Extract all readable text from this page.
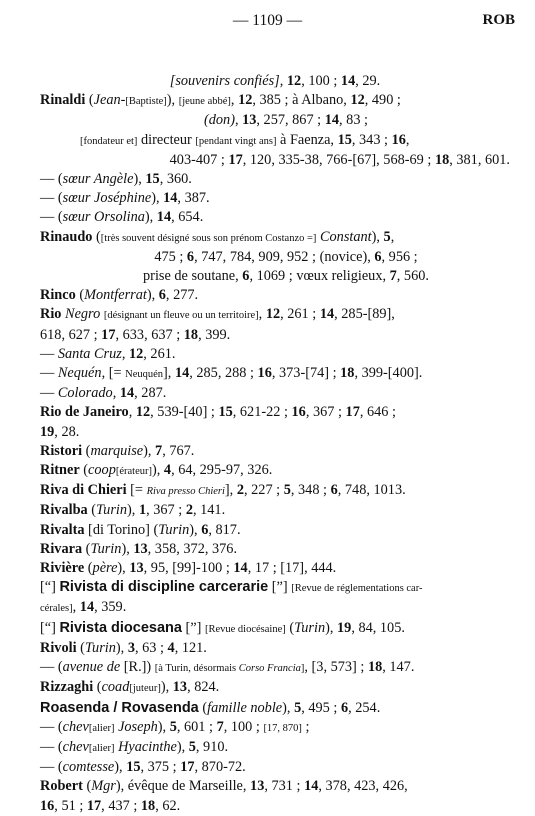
— 1109 —	ROB

[souvenirs confiés], 12, 100 ; 14, 29.

Rinaldi (Jean-[Baptiste]), [jeune abbé], 12, 385 ; à Albano, 12, 490 ;
(don), 13, 257, 867 ; 14, 83 ;

[fondateur et] directeur [pendant vingt ans] à Faenza, 15, 343 ; 16,
403-407 ; 17, 120, 335-38, 766-[67], 568-69 ; 18, 381, 601.

— (sœur Angèle), 15, 360.

— (sœur Joséphine), 14, 387.

— (sœur Orsolina), 14, 654.

Rinaudo ([très souvent désigné sous son prénom Costanzo =] Constant), 5,
475 ; 6, 747, 784, 909, 952 ; (novice), 6, 956 ;
prise de soutane, 6, 1069 ; vœux religieux, 7, 560.

Rinco (Montferrat), 6, 277.

Rio Negro [désignant un fleuve ou un territoire], 12, 261 ; 14, 285-[89],
618, 627 ; 17, 633, 637 ; 18, 399.

— Santa Cruz, 12, 261.

— Nequén, [= Neuquén], 14, 285, 288 ; 16, 373-[74] ; 18, 399-[400].

— Colorado, 14, 287.

Rio de Janeiro, 12, 539-[40] ; 15, 621-22 ; 16, 367 ; 17, 646 ;
19, 28.

Ristori (marquise), 7, 767.

Ritner (coop[érateur]), 4, 64, 295-97, 326.

Riva di Chieri [= Riva presso Chieri], 2, 227 ; 5, 348 ; 6, 748, 1013.

Rivalba (Turin), 1, 367 ; 2, 141.

Rivalta [di Torino] (Turin), 6, 817.

Rivara (Turin), 13, 358, 372, 376.

Rivière (père), 13, 95, [99]-100 ; 14, 17 ; [17], 444.

[“] Rivista di discipline carcerarie [”] [Revue de réglementations car-
cérales], 14, 359.

[“] Rivista diocesana [”] [Revue diocésaine] (Turin), 19, 84, 105.

Rivoli (Turin), 3, 63 ; 4, 121.

— (avenue de [R.]) [à Turin, désormais Corso Francia], [3, 573] ; 18, 147.

Rizzaghi (coad[juteur]), 13, 824.

Roasenda / Rovasenda (famille noble), 5, 495 ; 6, 254.

— (chev[alier] Joseph), 5, 601 ; 7, 100 ; [17, 870] ;

— (chev[alier] Hyacinthe), 5, 910.

— (comtesse), 15, 375 ; 17, 870-72.

Robert (Mgr), évêque de Marseille, 13, 731 ; 14, 378, 423, 426,
16, 51 ; 17, 437 ; 18, 62.
